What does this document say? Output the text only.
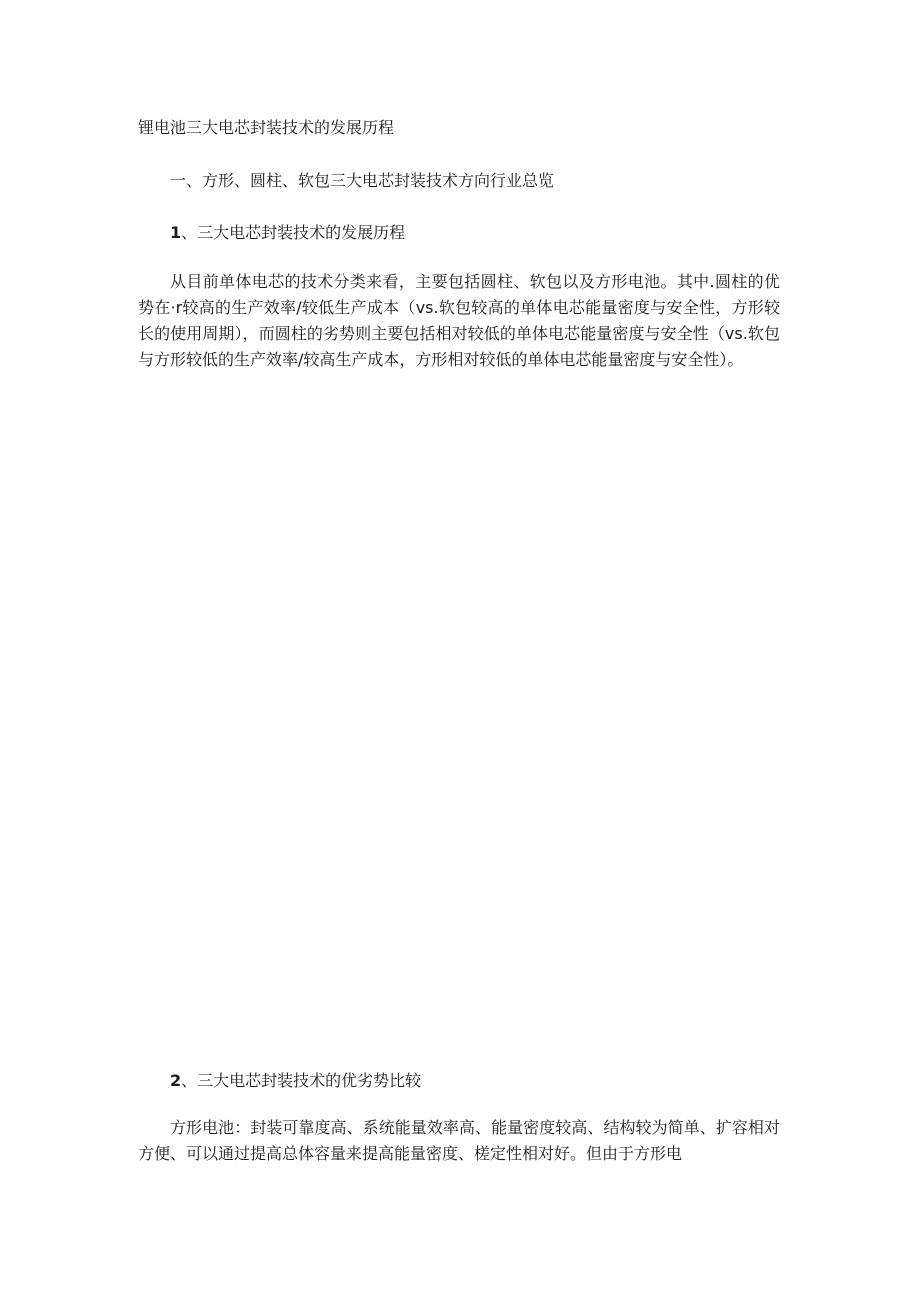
锂电池三大电芯封装技术的发展历程
一、方形、圆柱、软包三大电芯封装技术方向行业总览
1、三大电芯封装技术的发展历程
从目前单体电芯的技术分类来看，主要包括圆柱、软包以及方形电池。其中.圆柱的优势在·r较高的生产效率/较低生产成本（vs.软包较高的单体电芯能量密度与安全性，方形较长的使用周期），而圆柱的劣势则主要包括相对较低的单体电芯能量密度与安全性（vs.软包与方形较低的生产效率/较高生产成本，方形相对较低的单体电芯能量密度与安全性）。
2、三大电芯封装技术的优劣势比较
方形电池：封装可靠度高、系统能量效率高、能量密度较高、结构较为简单、扩容相对方便、可以通过提高总体容量来提高能量密度、槎定性相对好。但由于方形电
